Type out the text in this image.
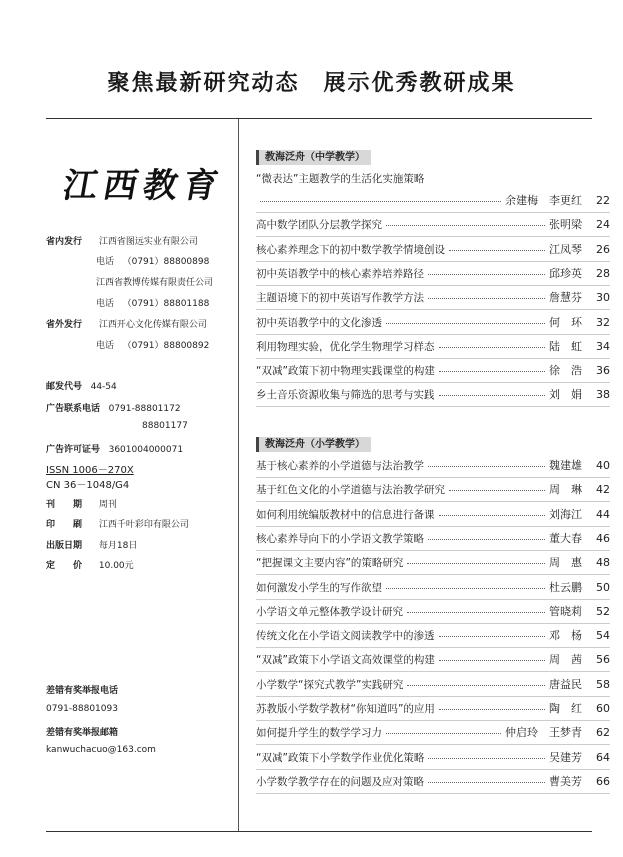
聚焦最新研究动态　展示优秀教研成果
江西教育
省内发行 江西省图远实业有限公司
电话 （0791）88800898
江西省教博传媒有限责任公司
电话 （0791）88801188
省外发行 江西开心文化传媒有限公司
电话 （0791）88800892
邮发代号 44-54
广告联系电话 0791-88801172
88801177
广告许可证号 3601004000071
ISSN 1006－270X
CN 36－1048/G4
刊　　期 周刊
印　　刷 江西千叶彩印有限公司
出版日期 每月18日
定　　价 10.00元
差错有奖举报电话
0791-88801093
差错有奖举报邮箱
kanwuchacuo@163.com
教海泛舟（中学教学）
“微表达”主题教学的生活化实施策略
余建梅　李更红	22
高中数学团队分层教学探究	张明梁	24
核心素养理念下的初中数学教学情境创设	江凤琴	26
初中英语教学中的核心素养培养路径	邱珍英	28
主题语境下的初中英语写作教学方法	詹慧芬	30
初中英语教学中的文化渗透	何　环	32
利用物理实验，优化学生物理学习样态	陆　虹	34
“双减”政策下初中物理实践课堂的构建	徐　浩	36
乡土音乐资源收集与筛选的思考与实践	刘　娟	38
教海泛舟（小学教学）
基于核心素养的小学道德与法治教学	魏建雄	40
基于红色文化的小学道德与法治教学研究	周　琳	42
如何利用统编版教材中的信息进行备课	刘海江	44
核心素养导向下的小学语文教学策略	董大春	46
“把握课文主要内容”的策略研究	周　惠	48
如何激发小学生的写作欲望	杜云鹏	50
小学语文单元整体教学设计研究	管晓莉	52
传统文化在小学语文阅读教学中的渗透	邓　杨	54
“双减”政策下小学语文高效课堂的构建	周　茜	56
小学数学“探究式教学”实践研究	唐益民	58
苏教版小学数学教材“你知道吗”的应用	陶　红	60
如何提升学生的数学学习力	仲启玲　王梦青	62
“双减”政策下小学数学作业优化策略	吴建芳	64
小学数学教学存在的问题及应对策略	曹美芳	66
